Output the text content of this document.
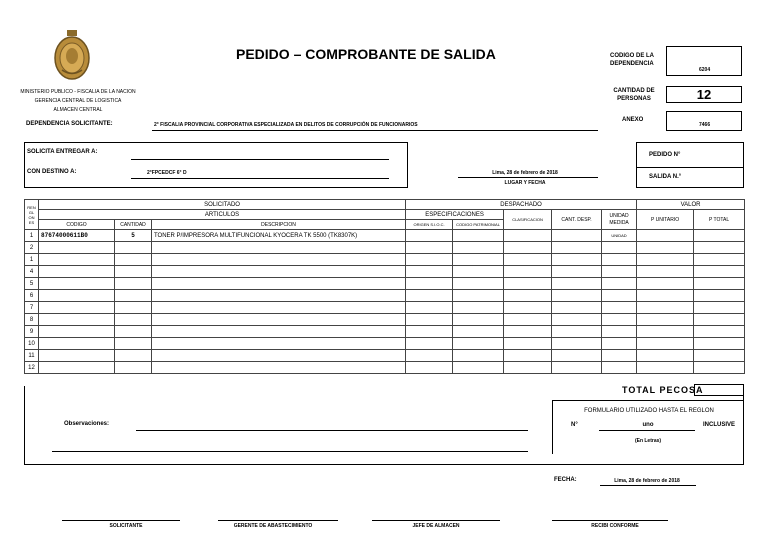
MINISTERIO PUBLICO - FISCALIA DE LA NACION
GERENCIA CENTRAL DE LOGISTICA
ALMACEN CENTRAL
PEDIDO – COMPROBANTE DE SALIDA	CODIGO DE LA DEPENDENCIA
6204
CANTIDAD DE PERSONAS	12
ANEXO
7466
DEPENDENCIA SOLICITANTE:	2° FISCALIA PROVINCIAL CORPORATIVA ESPECIALIZADA EN DELITOS DE CORRUPCIÓN DE FUNCIONARIOS
SOLICITA ENTREGAR A:
CON DESTINO A:	2°FPCEDCF 6° D	Lima, 28 de febrero de 2018
LUGAR Y FECHA
PEDIDO N°
SALIDA N.°
REN GL ON ES	SOLICITADO			DESPACHADO					VALOR	
	ARTICULOS			ESPECIFICACIONES		CLASIFICACION	CANT. DESP.	UNIDAD MEDIDA	P UNITARIO	P TOTAL
	CODIGO	CANTIDAD	DESCRIPCION	ORIGEN S.I.O.C.	CODIGO PATRIMONIAL					
1	87674000611B0	5	TONER P/IMPRESORA MULTIFUNCIONAL KYOCERA TK 5500 (TK8307K)					UNIDAD		
2										
1										
4										
5										
6										
7										
8										
9										
10										
11										
12										
TOTAL PECOSA
Observaciones:
FORMULARIO UTILIZADO HASTA EL REGLON
N°	uno	INCLUSIVE
(En Letras)
FECHA:	Lima, 28 de febrero de 2018
SOLICITANTE	GERENTE DE ABASTECIMIENTO	JEFE DE ALMACEN	RECIBI CONFORME
